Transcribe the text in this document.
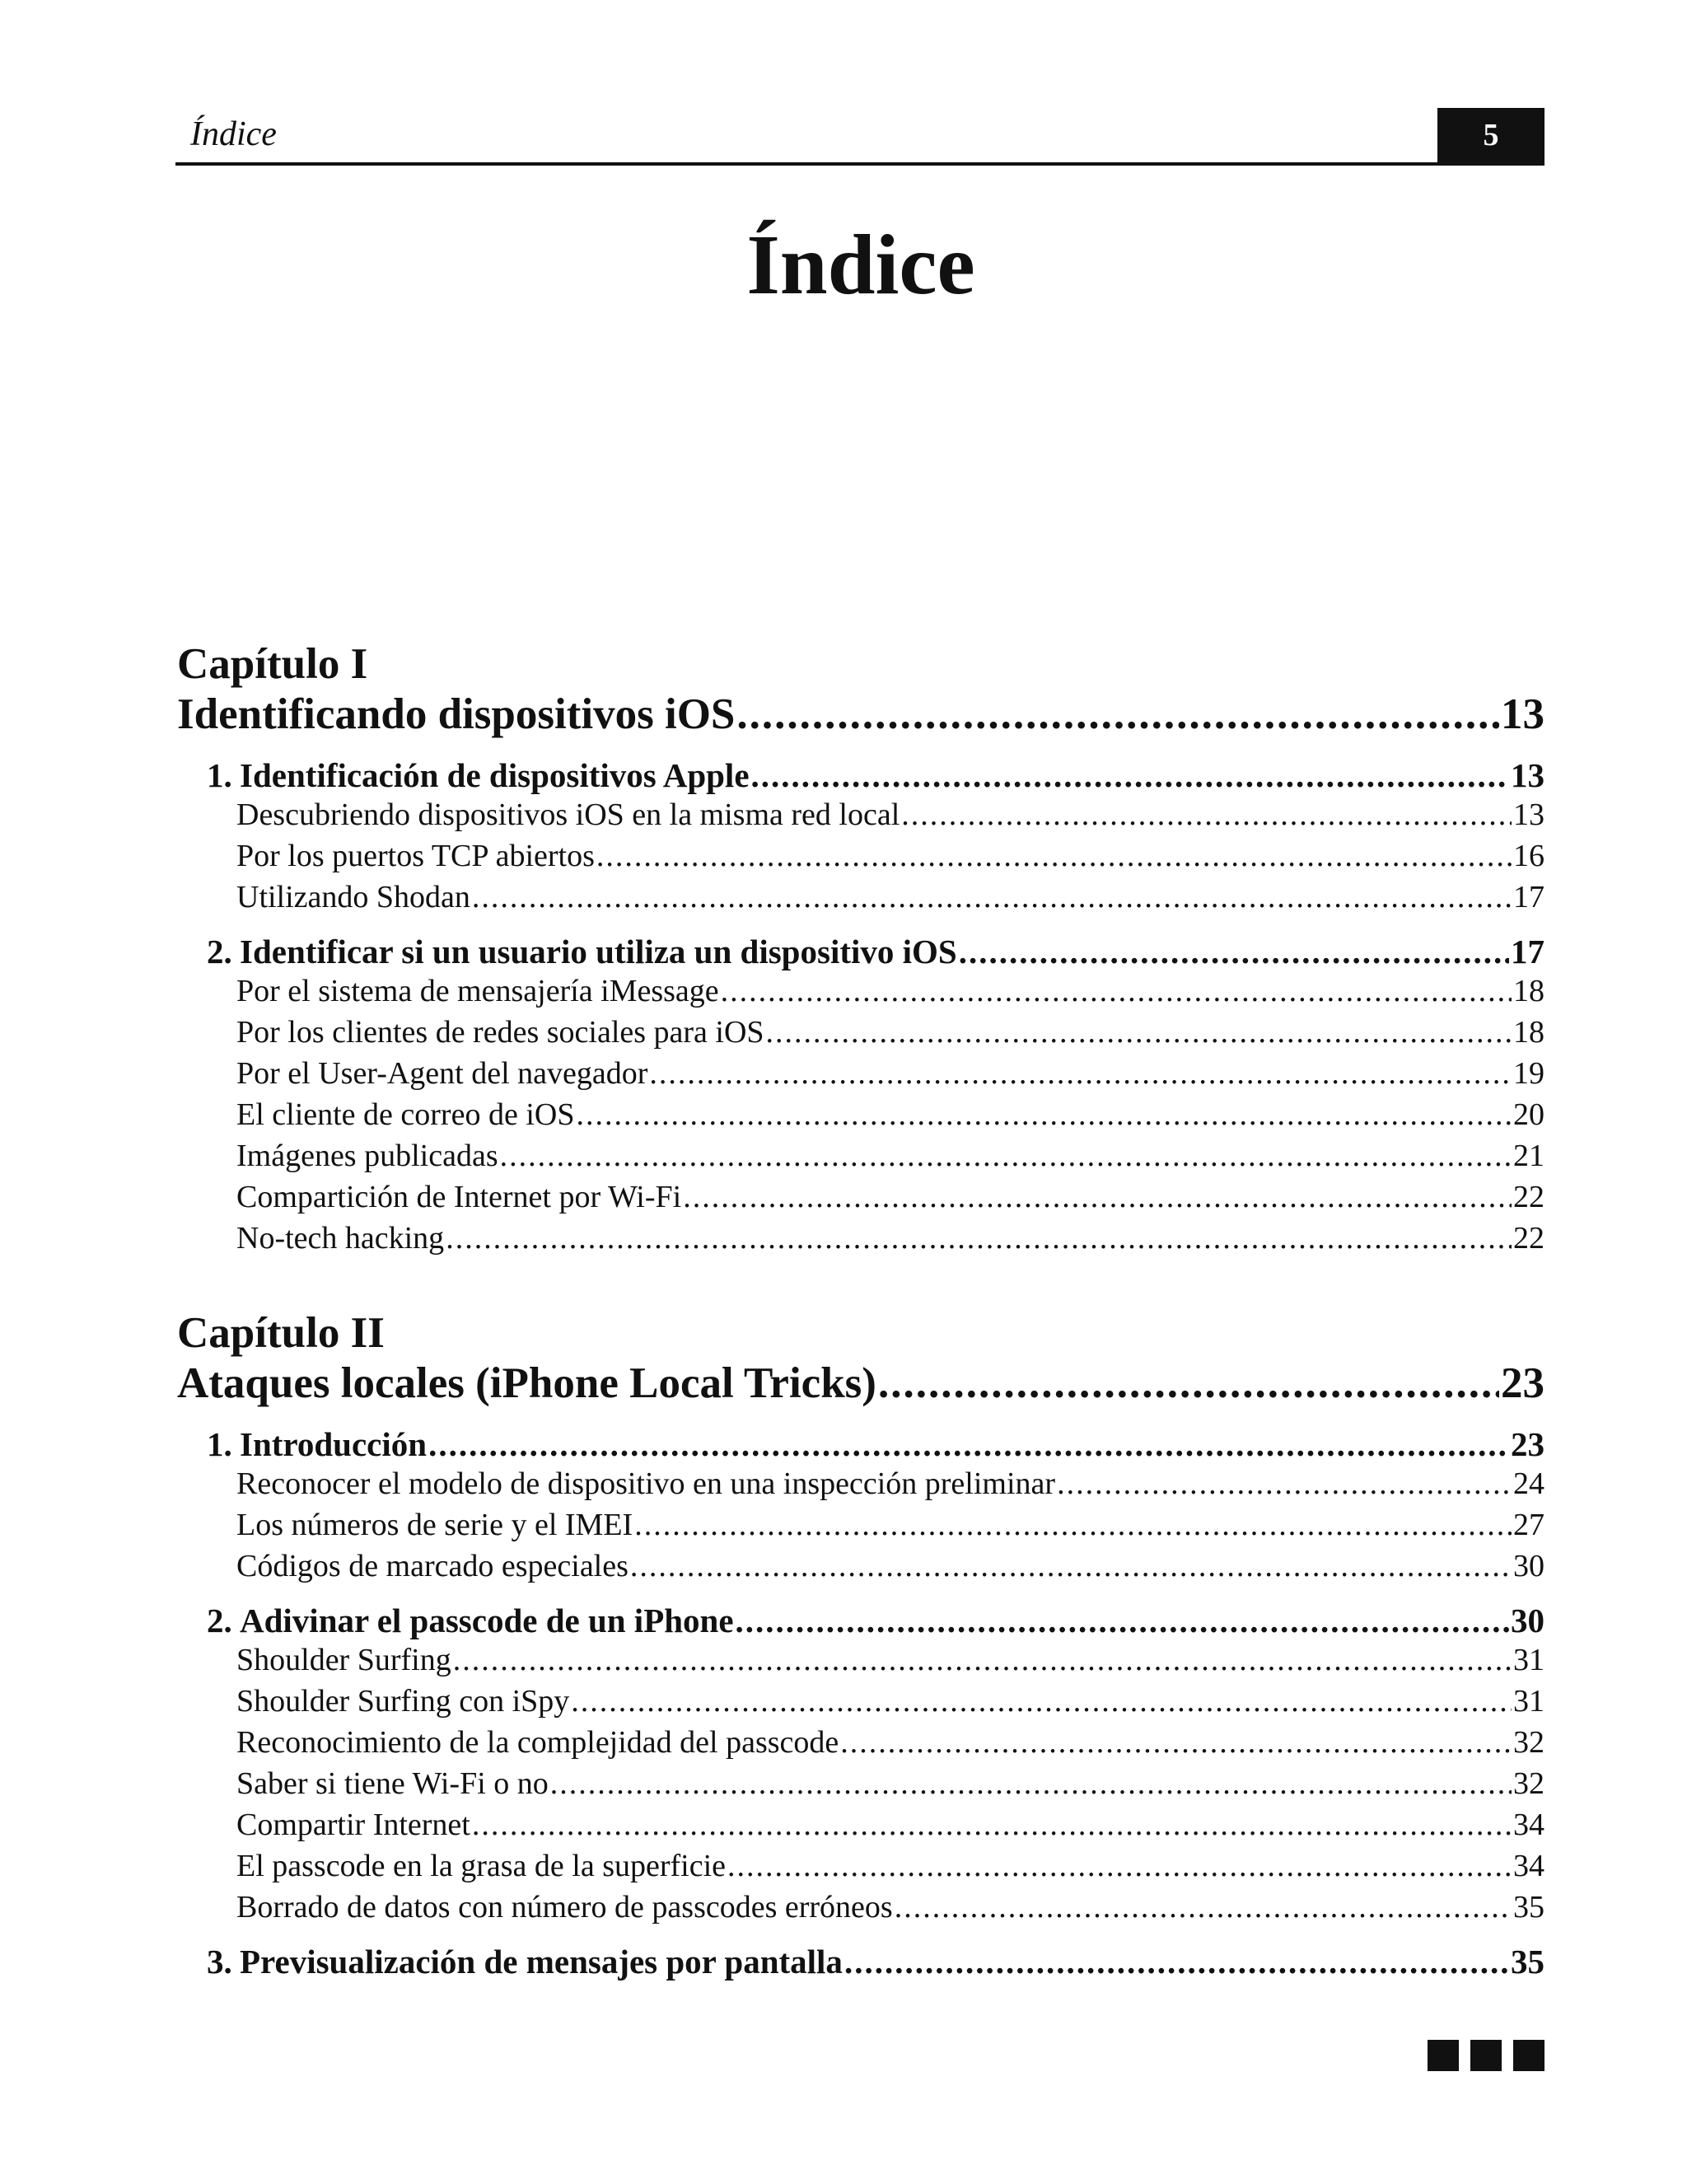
Índice	5
Índice
Capítulo I
Identificando dispositivos iOS .....	13
1. Identificación de dispositivos Apple .....	13
Descubriendo dispositivos iOS en la misma red local .....	13
Por los puertos TCP abiertos .....	16
Utilizando Shodan .....	17
2. Identificar si un usuario utiliza un dispositivo iOS .....	17
Por el sistema de mensajería iMessage .....	18
Por los clientes de redes sociales para iOS .....	18
Por el User-Agent del navegador .....	19
El cliente de correo de iOS .....	20
Imágenes publicadas .....	21
Compartición de Internet por Wi-Fi .....	22
No-tech hacking .....	22
Capítulo II
Ataques locales (iPhone Local Tricks) .....	23
1. Introducción .....	23
Reconocer el modelo de dispositivo en una inspección preliminar .....	24
Los números de serie y el IMEI .....	27
Códigos de marcado especiales .....	30
2. Adivinar el passcode de un iPhone .....	30
Shoulder Surfing .....	31
Shoulder Surfing con iSpy .....	31
Reconocimiento de la complejidad del passcode .....	32
Saber si tiene Wi-Fi o no .....	32
Compartir Internet .....	34
El passcode en la grasa de la superficie .....	34
Borrado de datos con número de passcodes erróneos .....	35
3. Previsualización de mensajes por pantalla .....	35
